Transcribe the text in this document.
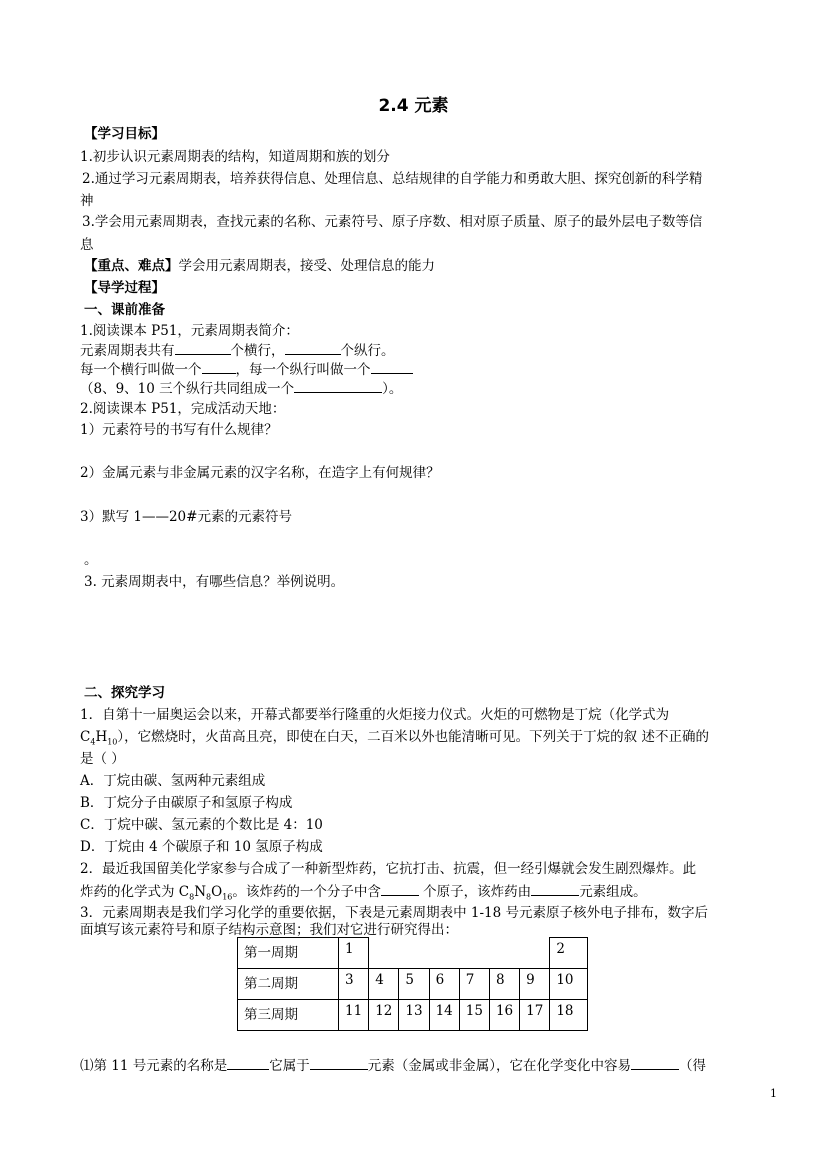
2.4 元素
【学习目标】
1.初步认识元素周期表的结构，知道周期和族的划分
2.通过学习元素周期表，培养获得信息、处理信息、总结规律的自学能力和勇敢大胆、探究创新的科学精
神
3.学会用元素周期表，查找元素的名称、元素符号、原子序数、相对原子质量、原子的最外层电子数等信
息
【重点、难点】学会用元素周期表，接受、处理信息的能力
【导学过程】
一、课前准备
1.阅读课本 P51，元素周期表简介：
元素周期表共有	个横行，	个纵行。
每一个横行叫做一个	，每一个纵行叫做一个
（8、9、10 三个纵行共同组成一个	）。
2.阅读课本 P51，完成活动天地：
1）元素符号的书写有什么规律？
2）金属元素与非金属元素的汉字名称，在造字上有何规律？
3）默写 1——20#元素的元素符号
。
3. 元素周期表中，有哪些信息？举例说明。
二、探究学习
1．自第十一届奥运会以来，开幕式都要举行隆重的火炬接力仪式。火炬的可燃物是丁烷（化学式为
$C_4H_{10}$），它燃烧时，火苗高且亮，即使在白天，二百米以外也能清晰可见。下列关于丁烷的叙 述不正确的
是（ ）
A．丁烷由碳、氢两种元素组成
B．丁烷分子由碳原子和氢原子构成
C．丁烷中碳、氢元素的个数比是 4：10
D．丁烷由 4 个碳原子和 10 氢原子构成
2．最近我国留美化学家参与合成了一种新型炸药，它抗打击、抗震，但一经引爆就会发生剧烈爆炸。此
炸药的化学式为 $C_8N_8O_{16}$。该炸药的一个分子中含	个原子，该炸药由	元素组成。
3．元素周期表是我们学习化学的重要依据，下表是元素周期表中 1-18 号元素原子核外电子排布，数字后
面填写该元素符号和原子结构示意图；我们对它进行研究得出：
第一周期	1							2
第二周期	3	4	5	6	7	8	9	10
第三周期	11	12	13	14	15	16	17	18
⑴第 11 号元素的名称是	它属于	元素（金属或非金属），它在化学变化中容易	（得
1
